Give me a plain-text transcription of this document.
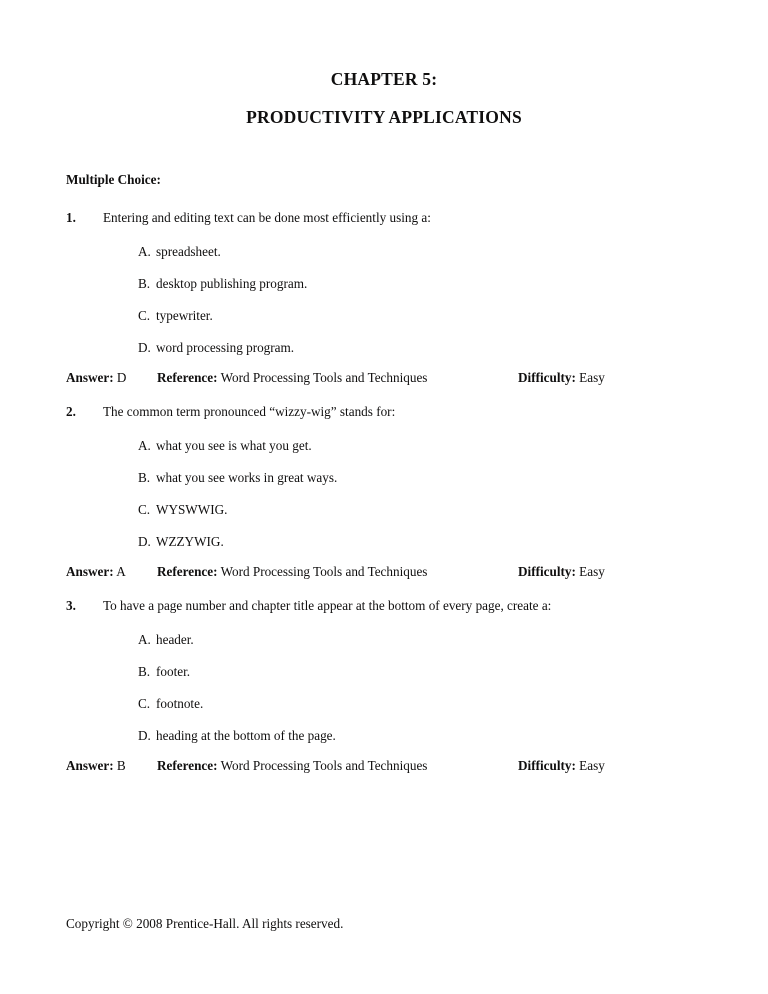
CHAPTER 5:
PRODUCTIVITY APPLICATIONS
Multiple Choice:
1.	Entering and editing text can be done most efficiently using a:
A. spreadsheet.
B. desktop publishing program.
C. typewriter.
D. word processing program.
Answer: D Reference: Word Processing Tools and Techniques	Difficulty: Easy
2.	The common term pronounced “wizzy-wig” stands for:
A. what you see is what you get.
B. what you see works in great ways.
C. WYSWWIG.
D. WZZYWIG.
Answer: A Reference: Word Processing Tools and Techniques	Difficulty: Easy
3.	To have a page number and chapter title appear at the bottom of every page, create a:
A. header.
B. footer.
C. footnote.
D. heading at the bottom of the page.
Answer: B Reference: Word Processing Tools and Techniques	Difficulty: Easy
Copyright © 2008 Prentice-Hall. All rights reserved.
